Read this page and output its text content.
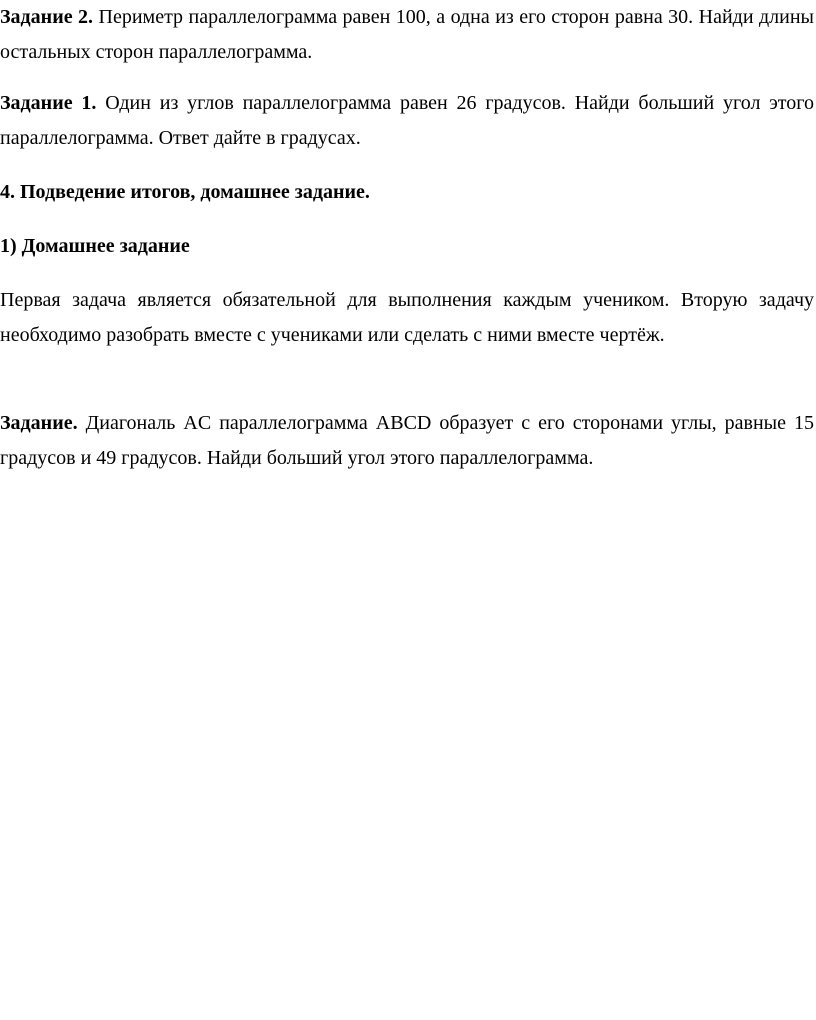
Задание 2. Периметр параллелограмма равен 100, а одна из его сторон равна 30. Найди длины остальных сторон параллелограмма.

Задание 1. Один из углов параллелограмма равен 26 градусов. Найди больший угол этого параллелограмма. Ответ дайте в градусах.

4. Подведение итогов, домашнее задание.

1) Домашнее задание

Первая задача является обязательной для выполнения каждым учеником. Вторую задачу необходимо разобрать вместе с учениками или сделать с ними вместе чертёж.

Задание. Диагональ AC параллелограмма ABCD образует с его сторонами углы, равные 15 градусов и 49 градусов. Найди больший угол этого параллелограмма.
